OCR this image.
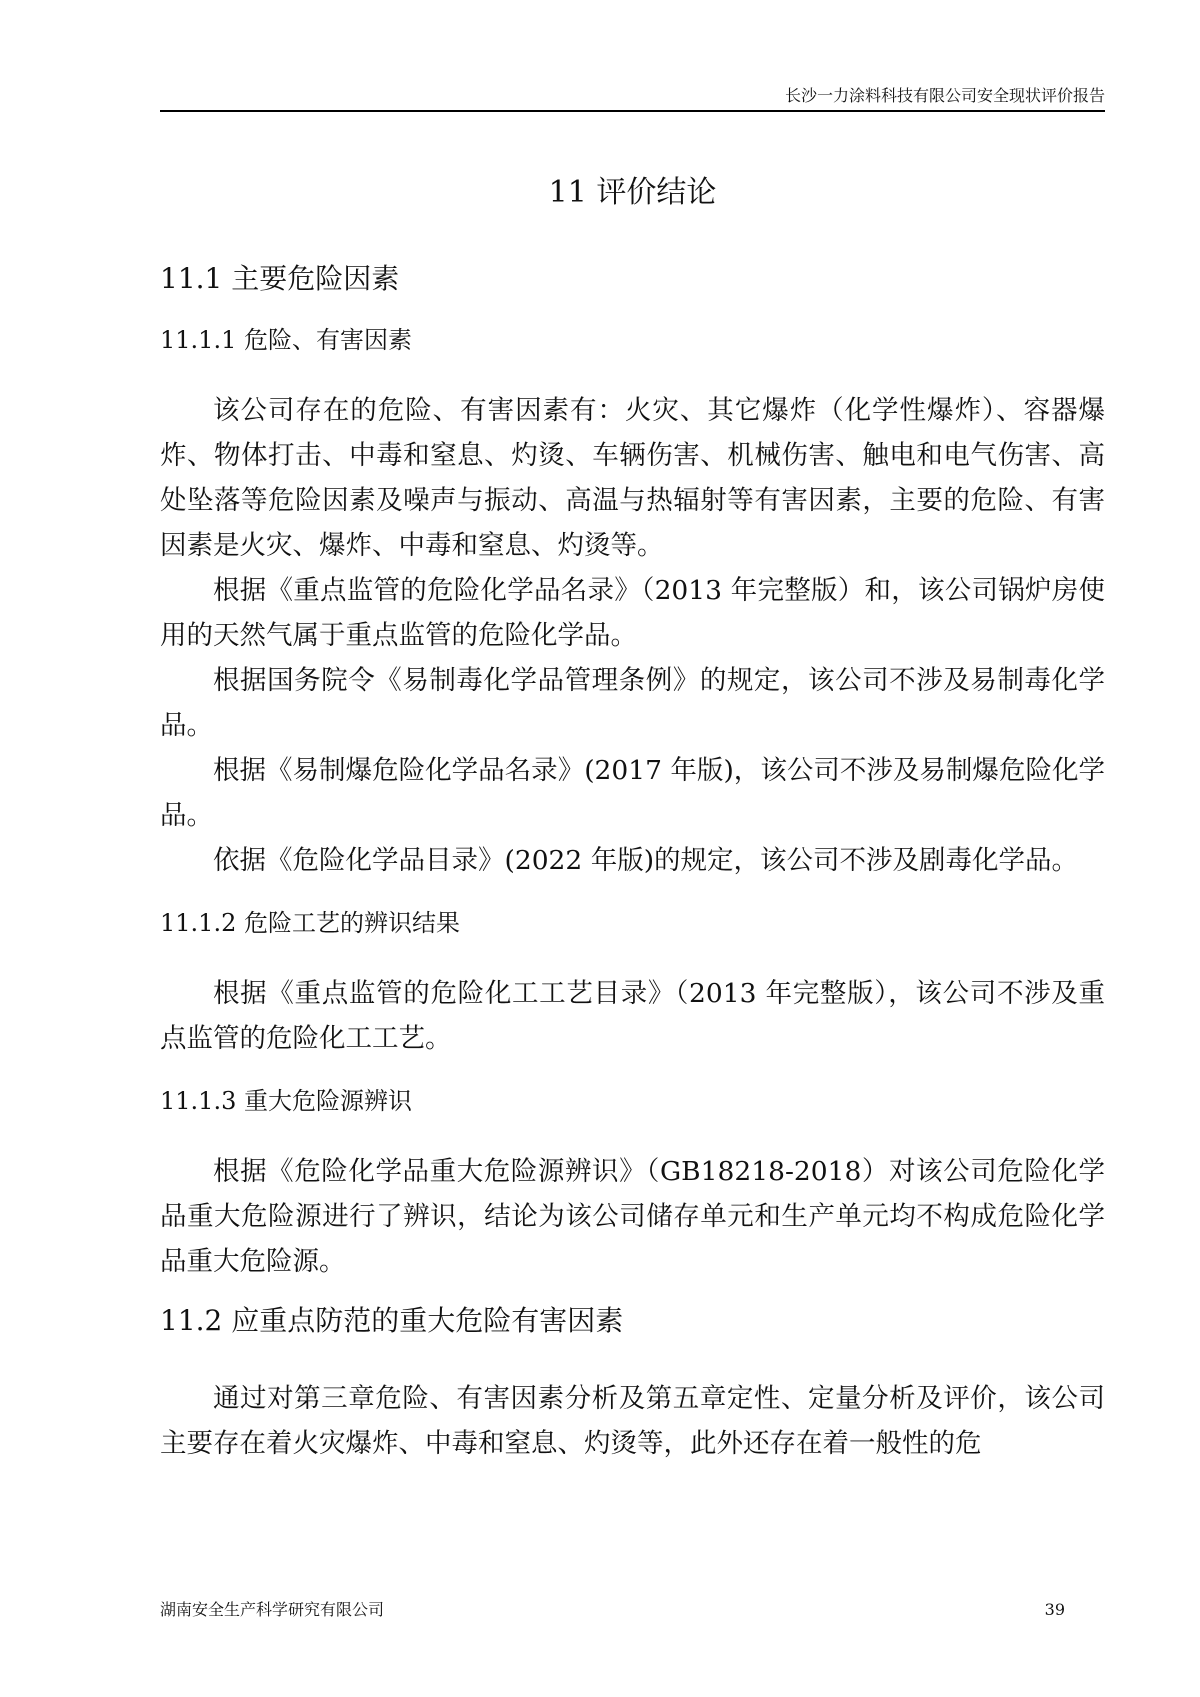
长沙一力涂料科技有限公司安全现状评价报告
11 评价结论
11.1 主要危险因素
11.1.1 危险、有害因素

该公司存在的危险、有害因素有：火灾、其它爆炸（化学性爆炸）、容器爆炸、物体打击、中毒和窒息、灼烫、车辆伤害、机械伤害、触电和电气伤害、高处坠落等危险因素及噪声与振动、高温与热辐射等有害因素，主要的危险、有害因素是火灾、爆炸、中毒和窒息、灼烫等。

根据《重点监管的危险化学品名录》（2013 年完整版）和，该公司锅炉房使用的天然气属于重点监管的危险化学品。

根据国务院令《易制毒化学品管理条例》的规定，该公司不涉及易制毒化学品。

根据《易制爆危险化学品名录》(2017 年版)，该公司不涉及易制爆危险化学品。

依据《危险化学品目录》(2022 年版)的规定，该公司不涉及剧毒化学品。

11.1.2 危险工艺的辨识结果

根据《重点监管的危险化工工艺目录》（2013 年完整版），该公司不涉及重点监管的危险化工工艺。

11.1.3 重大危险源辨识

根据《危险化学品重大危险源辨识》（GB18218-2018）对该公司危险化学品重大危险源进行了辨识，结论为该公司储存单元和生产单元均不构成危险化学品重大危险源。

11.2 应重点防范的重大危险有害因素

通过对第三章危险、有害因素分析及第五章定性、定量分析及评价，该公司主要存在着火灾爆炸、中毒和窒息、灼烫等，此外还存在着一般性的危

湖南安全生产科学研究有限公司	39
